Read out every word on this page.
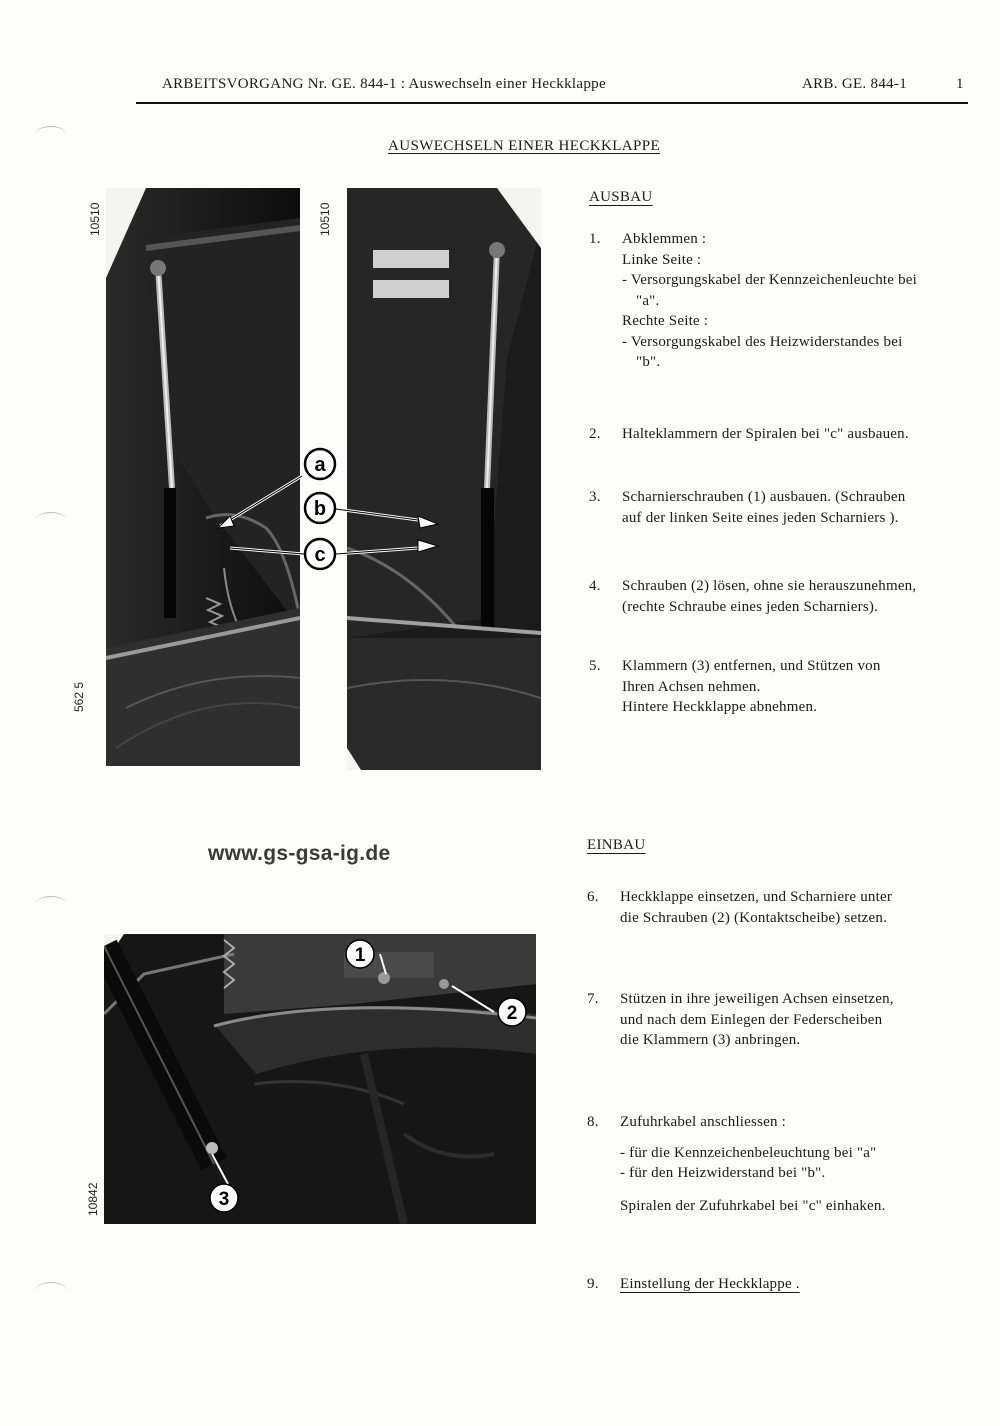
ARBEITSVORGANG Nr. GE. 844-1 : Auswechseln einer Heckklappe	ARB. GE. 844-1	1
AUSWECHSELN EINER HECKKLAPPE
10510	10510
562 5
a
b
c
www.gs-gsa-ig.de
10842
1
2
3
AUSBAU
1. Abklemmen :
Linke Seite :
- Versorgungskabel der Kennzeichenleuchte bei
"a".
Rechte Seite :
- Versorgungskabel des Heizwiderstandes bei
"b".
2. Halteklammern der Spiralen bei "c" ausbauen.
3. Scharnierschrauben (1) ausbauen. (Schrauben
auf der linken Seite eines jeden Scharniers ).
4. Schrauben (2) lösen, ohne sie herauszunehmen,
(rechte Schraube eines jeden Scharniers).
5. Klammern (3) entfernen, und Stützen von
Ihren Achsen nehmen.
Hintere Heckklappe abnehmen.
EINBAU
6. Heckklappe einsetzen, und Scharniere unter
die Schrauben (2) (Kontaktscheibe) setzen.
7. Stützen in ihre jeweiligen Achsen einsetzen,
und nach dem Einlegen der Federscheiben
die Klammern (3) anbringen.
8. Zufuhrkabel anschliessen :
- für die Kennzeichenbeleuchtung bei "a"
- für den Heizwiderstand bei "b".
Spiralen der Zufuhrkabel bei "c" einhaken.
9. Einstellung der Heckklappe .
